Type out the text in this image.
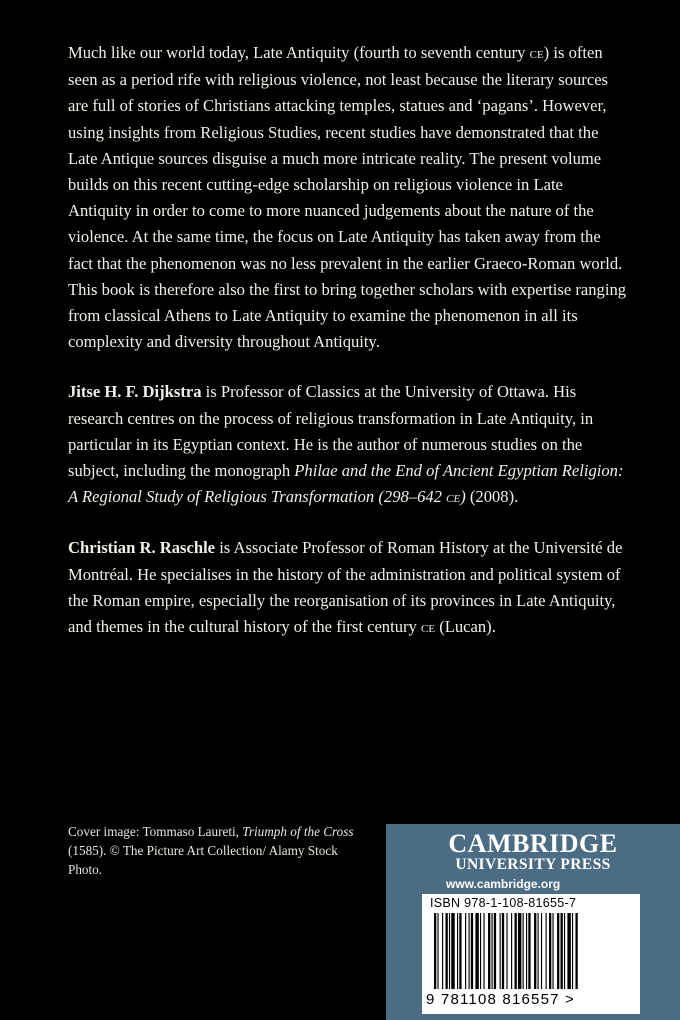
Much like our world today, Late Antiquity (fourth to seventh century ce) is often seen as a period rife with religious violence, not least because the literary sources are full of stories of Christians attacking temples, statues and ‘pagans’. However, using insights from Religious Studies, recent studies have demonstrated that the Late Antique sources disguise a much more intricate reality. The present volume builds on this recent cutting-edge scholarship on religious violence in Late Antiquity in order to come to more nuanced judgements about the nature of the violence. At the same time, the focus on Late Antiquity has taken away from the fact that the phenomenon was no less prevalent in the earlier Graeco-Roman world. This book is therefore also the first to bring together scholars with expertise ranging from classical Athens to Late Antiquity to examine the phenomenon in all its complexity and diversity throughout Antiquity.

Jitse H. F. Dijkstra is Professor of Classics at the University of Ottawa. His research centres on the process of religious transformation in Late Antiquity, in particular in its Egyptian context. He is the author of numerous studies on the subject, including the monograph Philae and the End of Ancient Egyptian Religion: A Regional Study of Religious Transformation (298–642 ce) (2008).

Christian R. Raschle is Associate Professor of Roman History at the Université de Montréal. He specialises in the history of the administration and political system of the Roman empire, especially the reorganisation of its provinces in Late Antiquity, and themes in the cultural history of the first century ce (Lucan).

Cover image: Tommaso Laureti, Triumph of the Cross (1585). © The Picture Art Collection/ Alamy Stock Photo.
CAMBRIDGE
UNIVERSITY PRESS
www.cambridge.org
ISBN 978-1-108-81655-7
9 781108 816557 >
